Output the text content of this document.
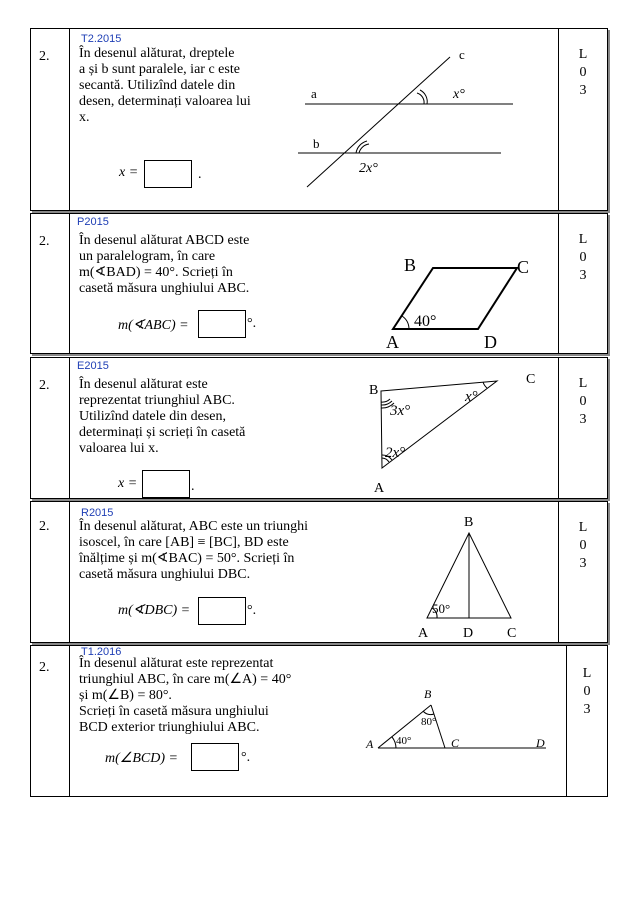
2.
T2.2015
În desenul alăturat, dreptele
a și b sunt paralele, iar c este
secantă. Utilizînd datele din
desen, determinați valoarea lui
x.
x =	.
a
b
c
x°
2x°
L
0
3
2.
P2015
În desenul alăturat ABCD este
un paralelogram, în care
m(∢BAD) = 40°. Scrieți în
casetă măsura unghiului ABC.
m(∢ABC) =	°.
B	C
A	D
40°
L
0
3
2.
E2015
În desenul alăturat este
reprezentat triunghiul ABC.
Utilizînd datele din desen,
determinați și scrieți în casetă
valoarea lui x.
x =	.
B
C
A
3x°
x°
2x°
L
0
3
2.
R2015
În desenul alăturat, ABC este un triunghi
isoscel, în care [AB] ≡ [BC], BD este
înălțime și m(∢BAC) = 50°. Scrieți în
casetă măsura unghiului DBC.
m(∢DBC) =	°.
B
A D C
50°
L
0
3
2.
T1.2016
În desenul alăturat este reprezentat
triunghiul ABC, în care m(∠A) = 40°
și m(∠B) = 80°.
Scrieți în casetă măsura unghiului
BCD exterior triunghiului ABC.
m(∠BCD) =	°.
B
A	C	D
40°
80°
L
0
3
